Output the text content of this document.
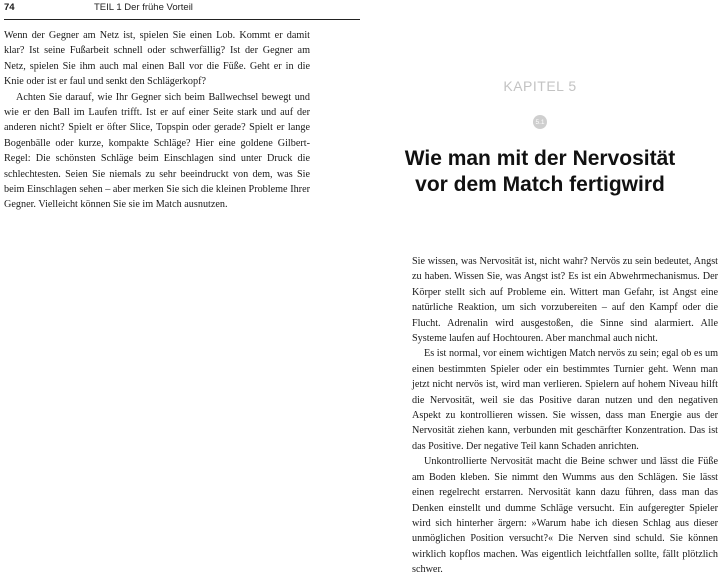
74	TEIL 1 Der frühe Vorteil

Wenn der Gegner am Netz ist, spielen Sie einen Lob. Kommt er damit klar? Ist seine Fußarbeit schnell oder schwerfällig? Ist der Gegner am Netz, spielen Sie ihm auch mal einen Ball vor die Füße. Geht er in die Knie oder ist er faul und senkt den Schlägerkopf?

Achten Sie darauf, wie Ihr Gegner sich beim Ballwechsel bewegt und wie er den Ball im Laufen trifft. Ist er auf einer Seite stark und auf der anderen nicht? Spielt er öfter Slice, Topspin oder gerade? Spielt er lange Bogenbälle oder kurze, kompakte Schläge? Hier eine goldene Gilbert-Regel: Die schönsten Schläge beim Einschlagen sind unter Druck die schlechtesten. Seien Sie niemals zu sehr beeindruckt von dem, was Sie beim Einschlagen sehen – aber merken Sie sich die kleinen Probleme Ihrer Gegner. Vielleicht können Sie sie im Match ausnutzen.

KAPITEL 5
5.1
Wie man mit der Nervosität
vor dem Match fertigwird

Sie wissen, was Nervosität ist, nicht wahr? Nervös zu sein bedeutet, Angst zu haben. Wissen Sie, was Angst ist? Es ist ein Abwehrmechanismus. Der Körper stellt sich auf Probleme ein. Wittert man Gefahr, ist Angst eine natürliche Reaktion, um sich vorzubereiten – auf den Kampf oder die Flucht. Adrenalin wird ausgestoßen, die Sinne sind alarmiert. Alle Systeme laufen auf Hochtouren. Aber manchmal auch nicht.

Es ist normal, vor einem wichtigen Match nervös zu sein; egal ob es um einen bestimmten Spieler oder ein bestimmtes Turnier geht. Wenn man jetzt nicht nervös ist, wird man verlieren. Spielern auf hohem Niveau hilft die Nervosität, weil sie das Positive daran nutzen und den negativen Aspekt zu kontrollieren wissen. Sie wissen, dass man Energie aus der Nervosität ziehen kann, verbunden mit geschärfter Konzentration. Das ist das Positive. Der negative Teil kann Schaden anrichten.

Unkontrollierte Nervosität macht die Beine schwer und lässt die Füße am Boden kleben. Sie nimmt den Wumms aus den Schlägen. Sie lässt einen regelrecht erstarren. Nervosität kann dazu führen, dass man das Denken einstellt und dumme Schläge versucht. Ein aufgeregter Spieler wird sich hinterher ärgern: »Warum habe ich diesen Schlag aus dieser unmöglichen Position versucht?« Die Nerven sind schuld. Sie können wirklich kopflos machen. Was eigentlich leichtfallen sollte, fällt plötzlich schwer.
